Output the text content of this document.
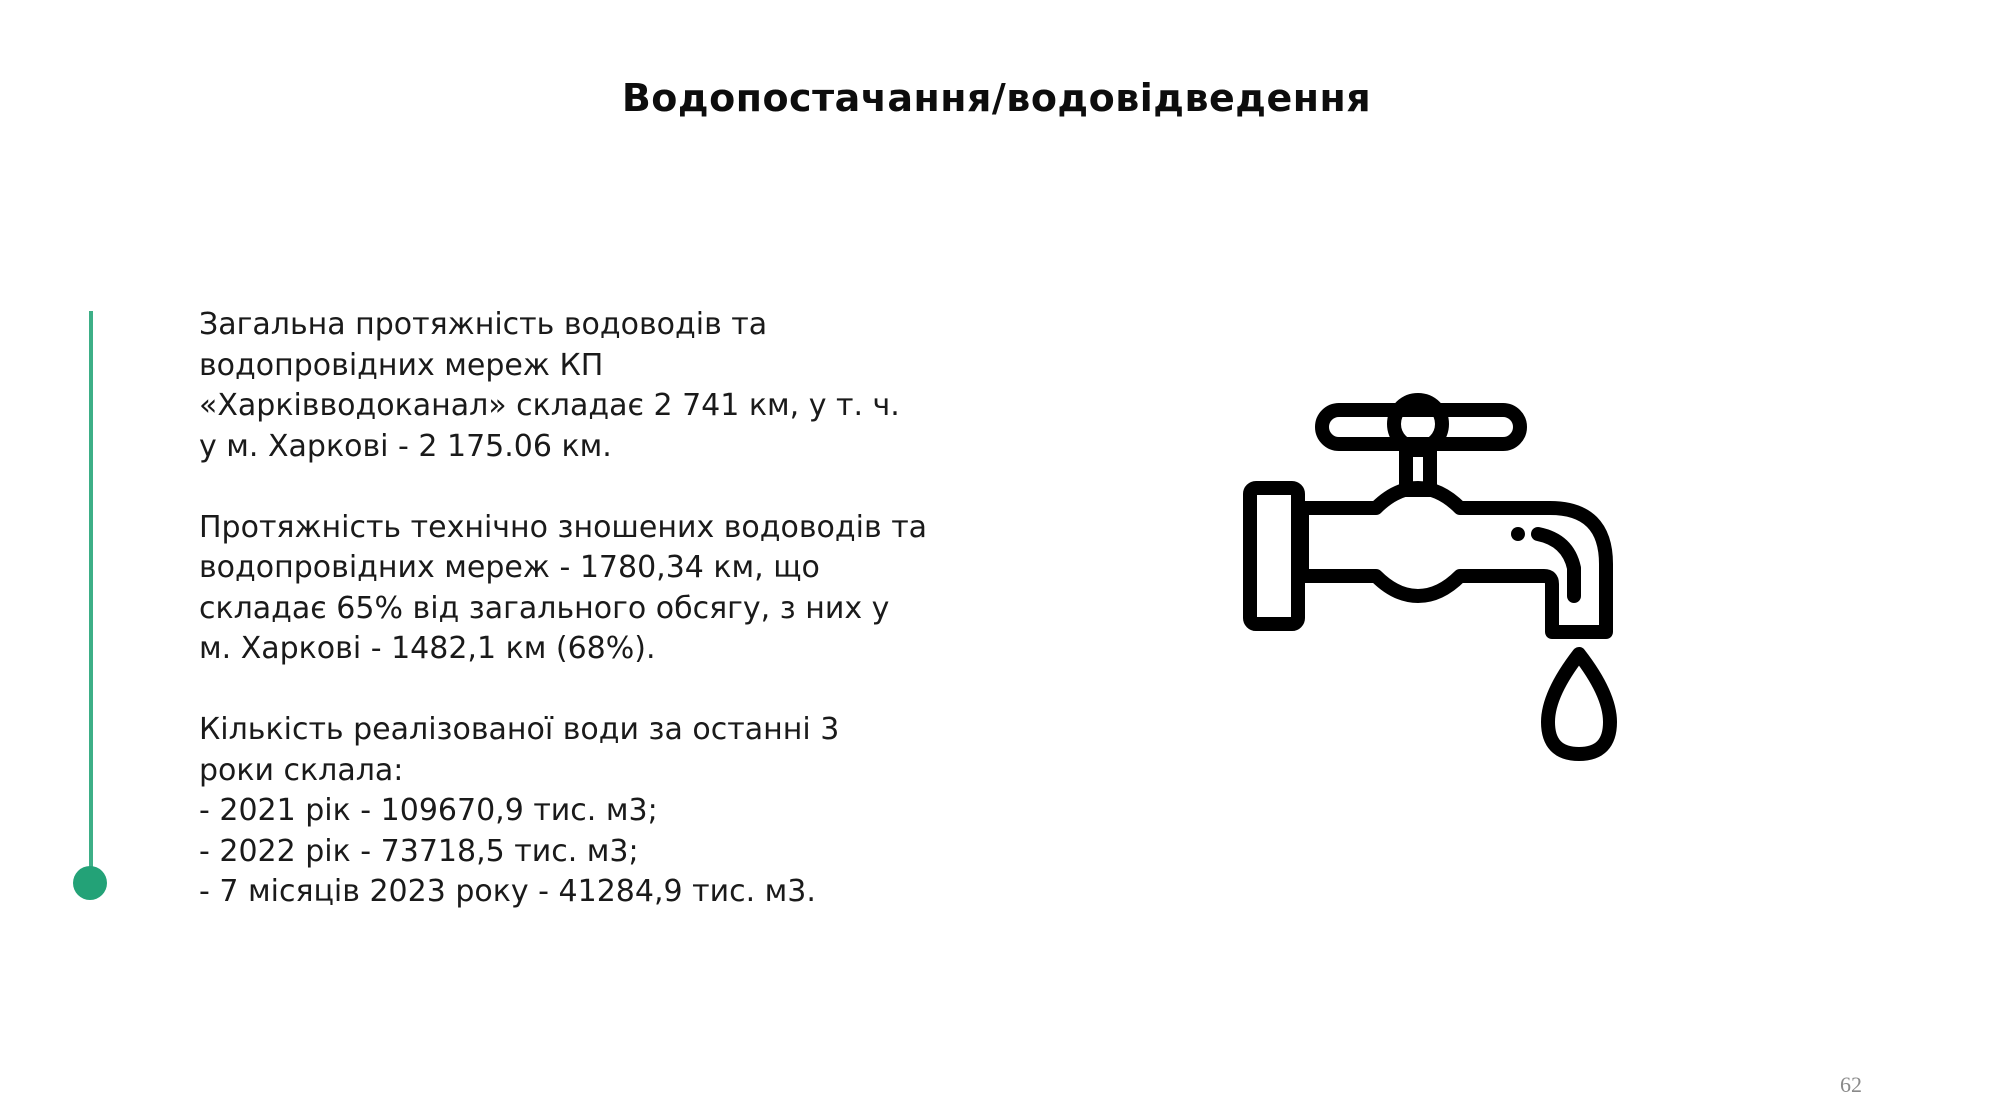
Водопостачання/водовідведення
Загальна протяжність водоводів та
водопровідних мереж КП
«Харківводоканал» складає 2 741 км, у т. ч.
у м. Харкові - 2 175.06 км.
Протяжність технічно зношених водоводів та
водопровідних мереж - 1780,34 км, що
складає 65% від загального обсягу, з них у
м. Харкові - 1482,1 км (68%).
Кількість реалізованої води за останні 3
роки склала:
- 2021 рік - 109670,9 тис. м3;
- 2022 рік - 73718,5 тис. м3;
- 7 місяців 2023 року - 41284,9 тис. м3.
62
